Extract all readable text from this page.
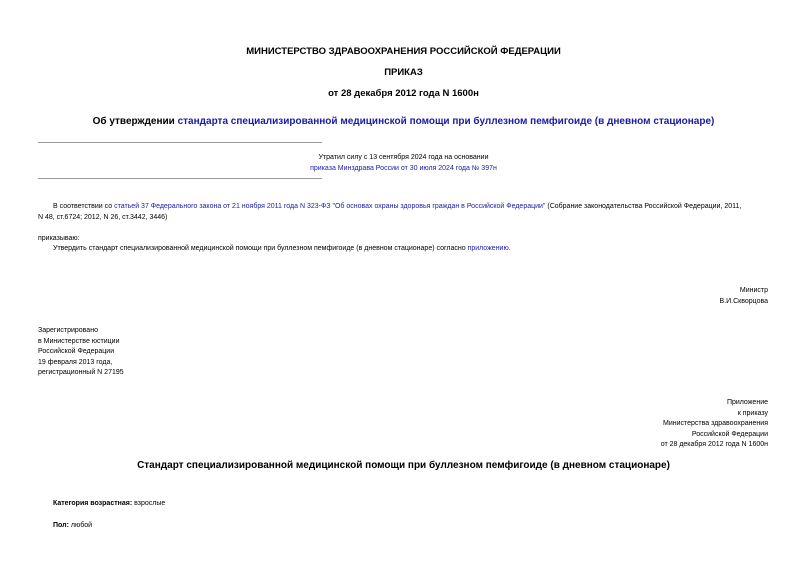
МИНИСТЕРСТВО ЗДРАВООХРАНЕНИЯ РОССИЙСКОЙ ФЕДЕРАЦИИ
ПРИКАЗ
от 28 декабря 2012 года N 1600н
Об утверждении стандарта специализированной медицинской помощи при буллезном пемфигоиде (в дневном стационаре)
Утратил силу с 13 сентября 2024 года на основании
приказа Минздрава России от 30 июля 2024 года № 397н
В соответствии со статьей 37 Федерального закона от 21 ноября 2011 года N 323-ФЗ "Об основах охраны здоровья граждан в Российской Федерации" (Собрание законодательства Российской Федерации, 2011,
N 48, ст.6724; 2012, N 26, ст.3442, 3446)
приказываю:
Утвердить стандарт специализированной медицинской помощи при буллезном пемфигоиде (в дневном стационаре) согласно приложению.
Министр
В.И.Скворцова
Зарегистрировано
в Министерстве юстиции
Российской Федерации
19 февраля 2013 года,
регистрационный N 27195
Приложение
к приказу
Министерства здравоохранения
Российской Федерации
от 28 декабря 2012 года N 1600н
Стандарт специализированной медицинской помощи при буллезном пемфигоиде (в дневном стационаре)
Категория возрастная: взрослые
Пол: любой
